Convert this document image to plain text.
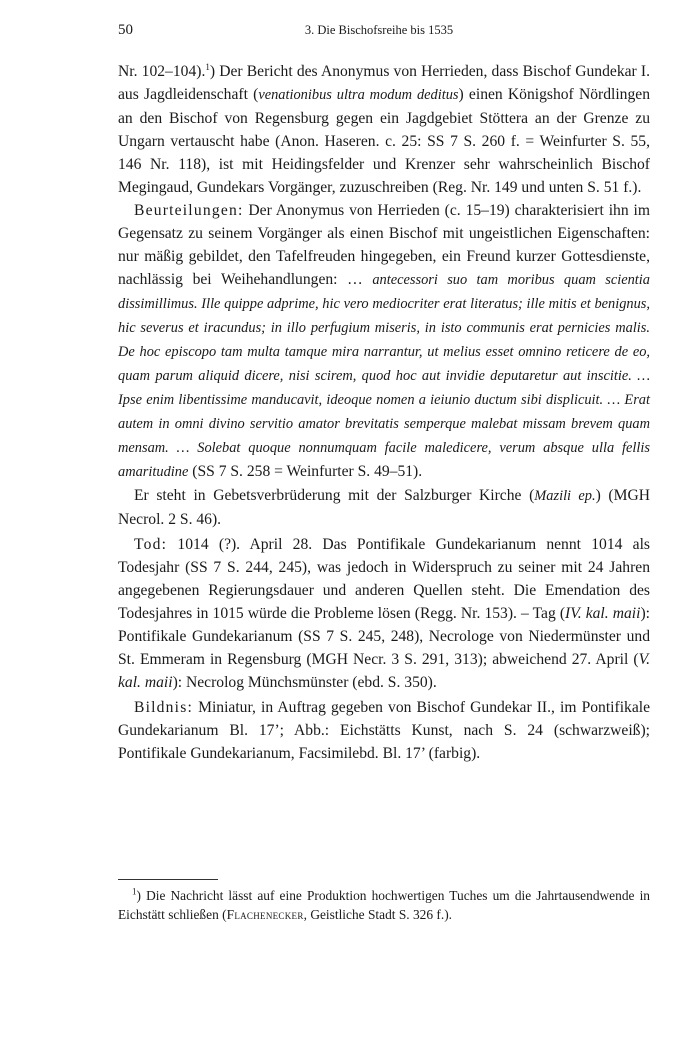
50	3. Die Bischofsreihe bis 1535

Nr. 102–104).$^1$) Der Bericht des Anonymus von Herrieden, dass Bischof Gundekar I. aus Jagdleidenschaft (venationibus ultra modum deditus) einen Königshof Nördlingen an den Bischof von Regensburg gegen ein Jagdgebiet Stöttera an der Grenze zu Ungarn vertauscht habe (Anon. Haseren. c. 25: SS 7 S. 260 f. = Weinfurter S. 55, 146 Nr. 118), ist mit Heidingsfelder und Krenzer sehr wahrscheinlich Bischof Megingaud, Gundekars Vorgänger, zuzuschreiben (Reg. Nr. 149 und unten S. 51 f.).

Beurteilungen: Der Anonymus von Herrieden (c. 15–19) charakterisiert ihn im Gegensatz zu seinem Vorgänger als einen Bischof mit ungeistlichen Eigenschaften: nur mäßig gebildet, den Tafelfreuden hingegeben, ein Freund kurzer Gottesdienste, nachlässig bei Weihehandlungen: … antecessori suo tam moribus quam scientia dissimillimus. Ille quippe adprime, hic vero mediocriter erat literatus; ille mitis et benignus, hic severus et iracundus; in illo perfugium miseris, in isto communis erat pernicies malis. De hoc episcopo tam multa tamque mira narrantur, ut melius esset omnino reticere de eo, quam parum aliquid dicere, nisi scirem, quod hoc aut invidie deputaretur aut inscitie. … Ipse enim libentissime manducavit, ideoque nomen a ieiunio ductum sibi displicuit. … Erat autem in omni divino servitio amator brevitatis semperque malebat missam brevem quam mensam. … Solebat quoque nonnumquam facile maledicere, verum absque ulla fellis amaritudine (SS 7 S. 258 = Weinfurter S. 49–51).

Er steht in Gebetsverbrüderung mit der Salzburger Kirche (Mazili ep.) (MGH Necrol. 2 S. 46).

Tod: 1014 (?). April 28. Das Pontifikale Gundekarianum nennt 1014 als Todesjahr (SS 7 S. 244, 245), was jedoch in Widerspruch zu seiner mit 24 Jahren angegebenen Regierungsdauer und anderen Quellen steht. Die Emendation des Todesjahres in 1015 würde die Probleme lösen (Regg. Nr. 153). – Tag (IV. kal. maii): Pontifikale Gundekarianum (SS 7 S. 245, 248), Necrologe von Niedermünster und St. Emmeram in Regensburg (MGH Necr. 3 S. 291, 313); abweichend 27. April (V. kal. maii): Necrolog Münchsmünster (ebd. S. 350).

Bildnis: Miniatur, in Auftrag gegeben von Bischof Gundekar II., im Pontifikale Gundekarianum Bl. 17’; Abb.: Eichstätts Kunst, nach S. 24 (schwarzweiß); Pontifikale Gundekarianum, Facsimilebd. Bl. 17’ (farbig).

$^1$) Die Nachricht lässt auf eine Produktion hochwertigen Tuches um die Jahrtausendwende in Eichstätt schließen (Flachenecker, Geistliche Stadt S. 326 f.).
